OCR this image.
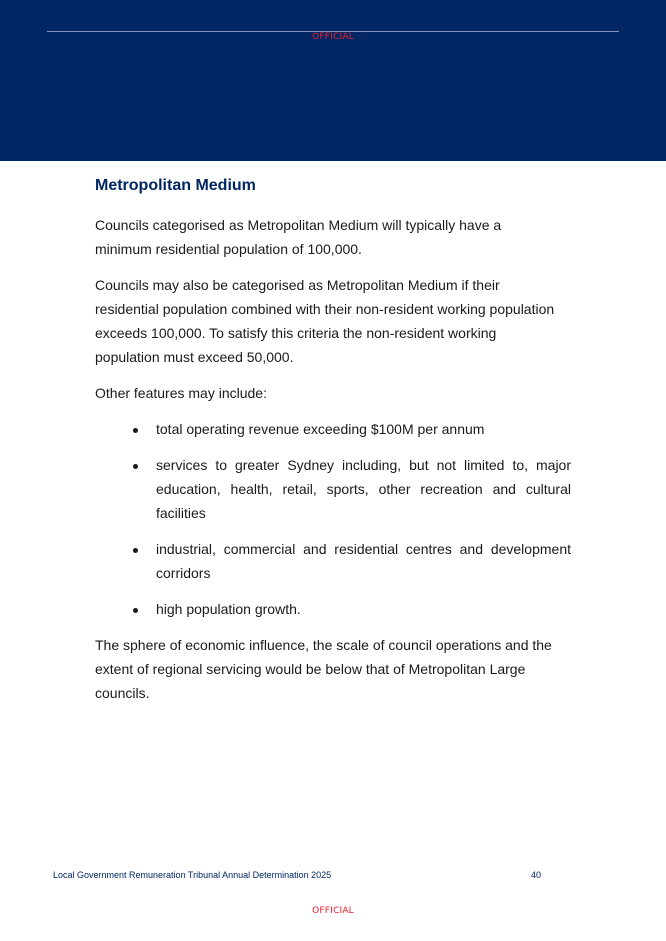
OFFICIAL
Metropolitan Medium

Councils categorised as Metropolitan Medium will typically have a minimum residential population of 100,000.

Councils may also be categorised as Metropolitan Medium if their residential population combined with their non-resident working population exceeds 100,000. To satisfy this criteria the non-resident working population must exceed 50,000.

Other features may include:

total operating revenue exceeding $100M per annum
services to greater Sydney including, but not limited to, major education, health, retail, sports, other recreation and cultural facilities
industrial, commercial and residential centres and development corridors
high population growth.

The sphere of economic influence, the scale of council operations and the extent of regional servicing would be below that of Metropolitan Large councils.

Local Government Remuneration Tribunal Annual Determination 2025	40
OFFICIAL
